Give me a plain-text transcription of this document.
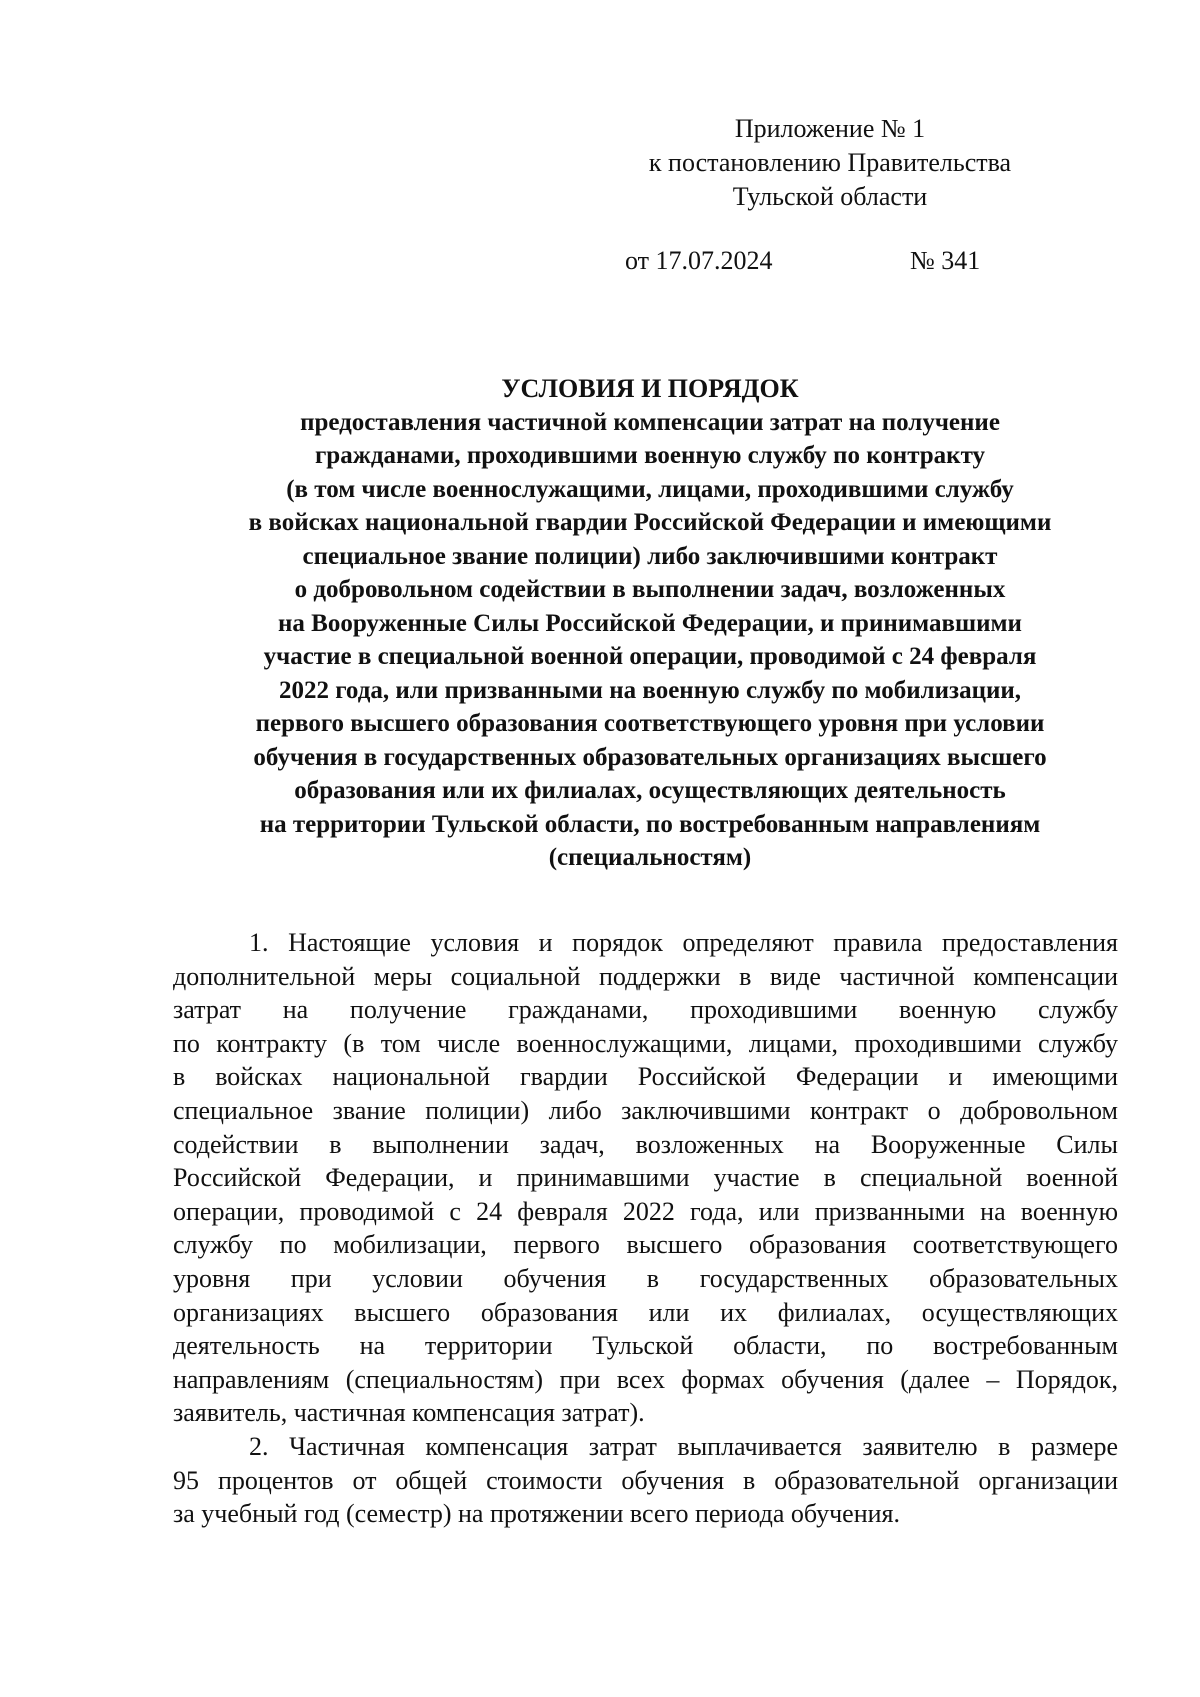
Приложение № 1
к постановлению Правительства
Тульской области
от 17.07.2024	№ 341
УСЛОВИЯ И ПОРЯДОК
предоставления частичной компенсации затрат на получение
гражданами, проходившими военную службу по контракту
(в том числе военнослужащими, лицами, проходившими службу
в войсках национальной гвардии Российской Федерации и имеющими
специальное звание полиции) либо заключившими контракт
о добровольном содействии в выполнении задач, возложенных
на Вооруженные Силы Российской Федерации, и принимавшими
участие в специальной военной операции, проводимой с 24 февраля
2022 года, или призванными на военную службу по мобилизации,
первого высшего образования соответствующего уровня при условии
обучения в государственных образовательных организациях высшего
образования или их филиалах, осуществляющих деятельность
на территории Тульской области, по востребованным направлениям
(специальностям)
1. Настоящие условия и порядок определяют правила предоставления
дополнительной меры социальной поддержки в виде частичной компенсации
затрат на получение гражданами, проходившими военную службу
по контракту (в том числе военнослужащими, лицами, проходившими службу
в войсках национальной гвардии Российской Федерации и имеющими
специальное звание полиции) либо заключившими контракт о добровольном
содействии в выполнении задач, возложенных на Вооруженные Силы
Российской Федерации, и принимавшими участие в специальной военной
операции, проводимой с 24 февраля 2022 года, или призванными на военную
службу по мобилизации, первого высшего образования соответствующего
уровня при условии обучения в государственных образовательных
организациях высшего образования или их филиалах, осуществляющих
деятельность на территории Тульской области, по востребованным
направлениям (специальностям) при всех формах обучения (далее – Порядок,
заявитель, частичная компенсация затрат).
2. Частичная компенсация затрат выплачивается заявителю в размере
95 процентов от общей стоимости обучения в образовательной организации
за учебный год (семестр) на протяжении всего периода обучения.
